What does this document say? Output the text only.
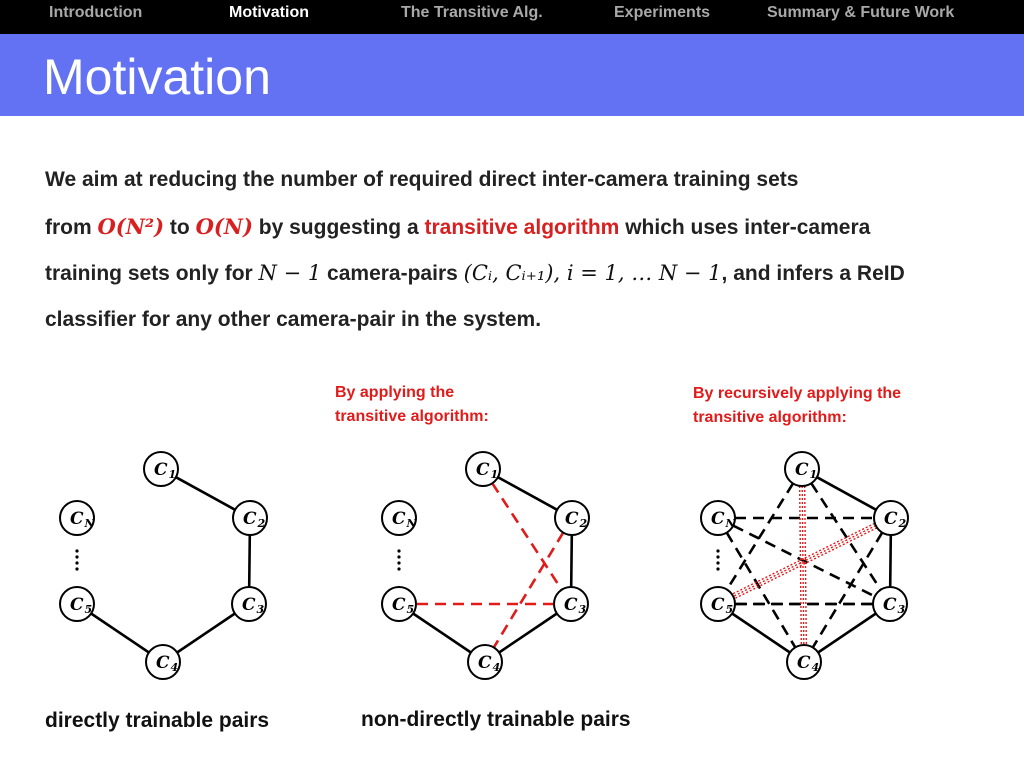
Introduction	Motivation	The Transitive Alg.	Experiments	Summary & Future Work
Motivation
We aim at reducing the number of required direct inter-camera training sets
from O(N²) to O(N) by suggesting a transitive algorithm which uses inter-camera
training sets only for N − 1 camera-pairs (Cᵢ, Cᵢ₊₁), i = 1, … N − 1, and infers a ReID
classifier for any other camera-pair in the system.
By applying the
transitive algorithm:
By recursively applying the
transitive algorithm:
C1
C2
C3
C4
C5
CN
C1
C2
C3
C4
C5
CN
C1
C2
C3
C4
C5
CN
directly trainable pairs	non-directly trainable pairs
